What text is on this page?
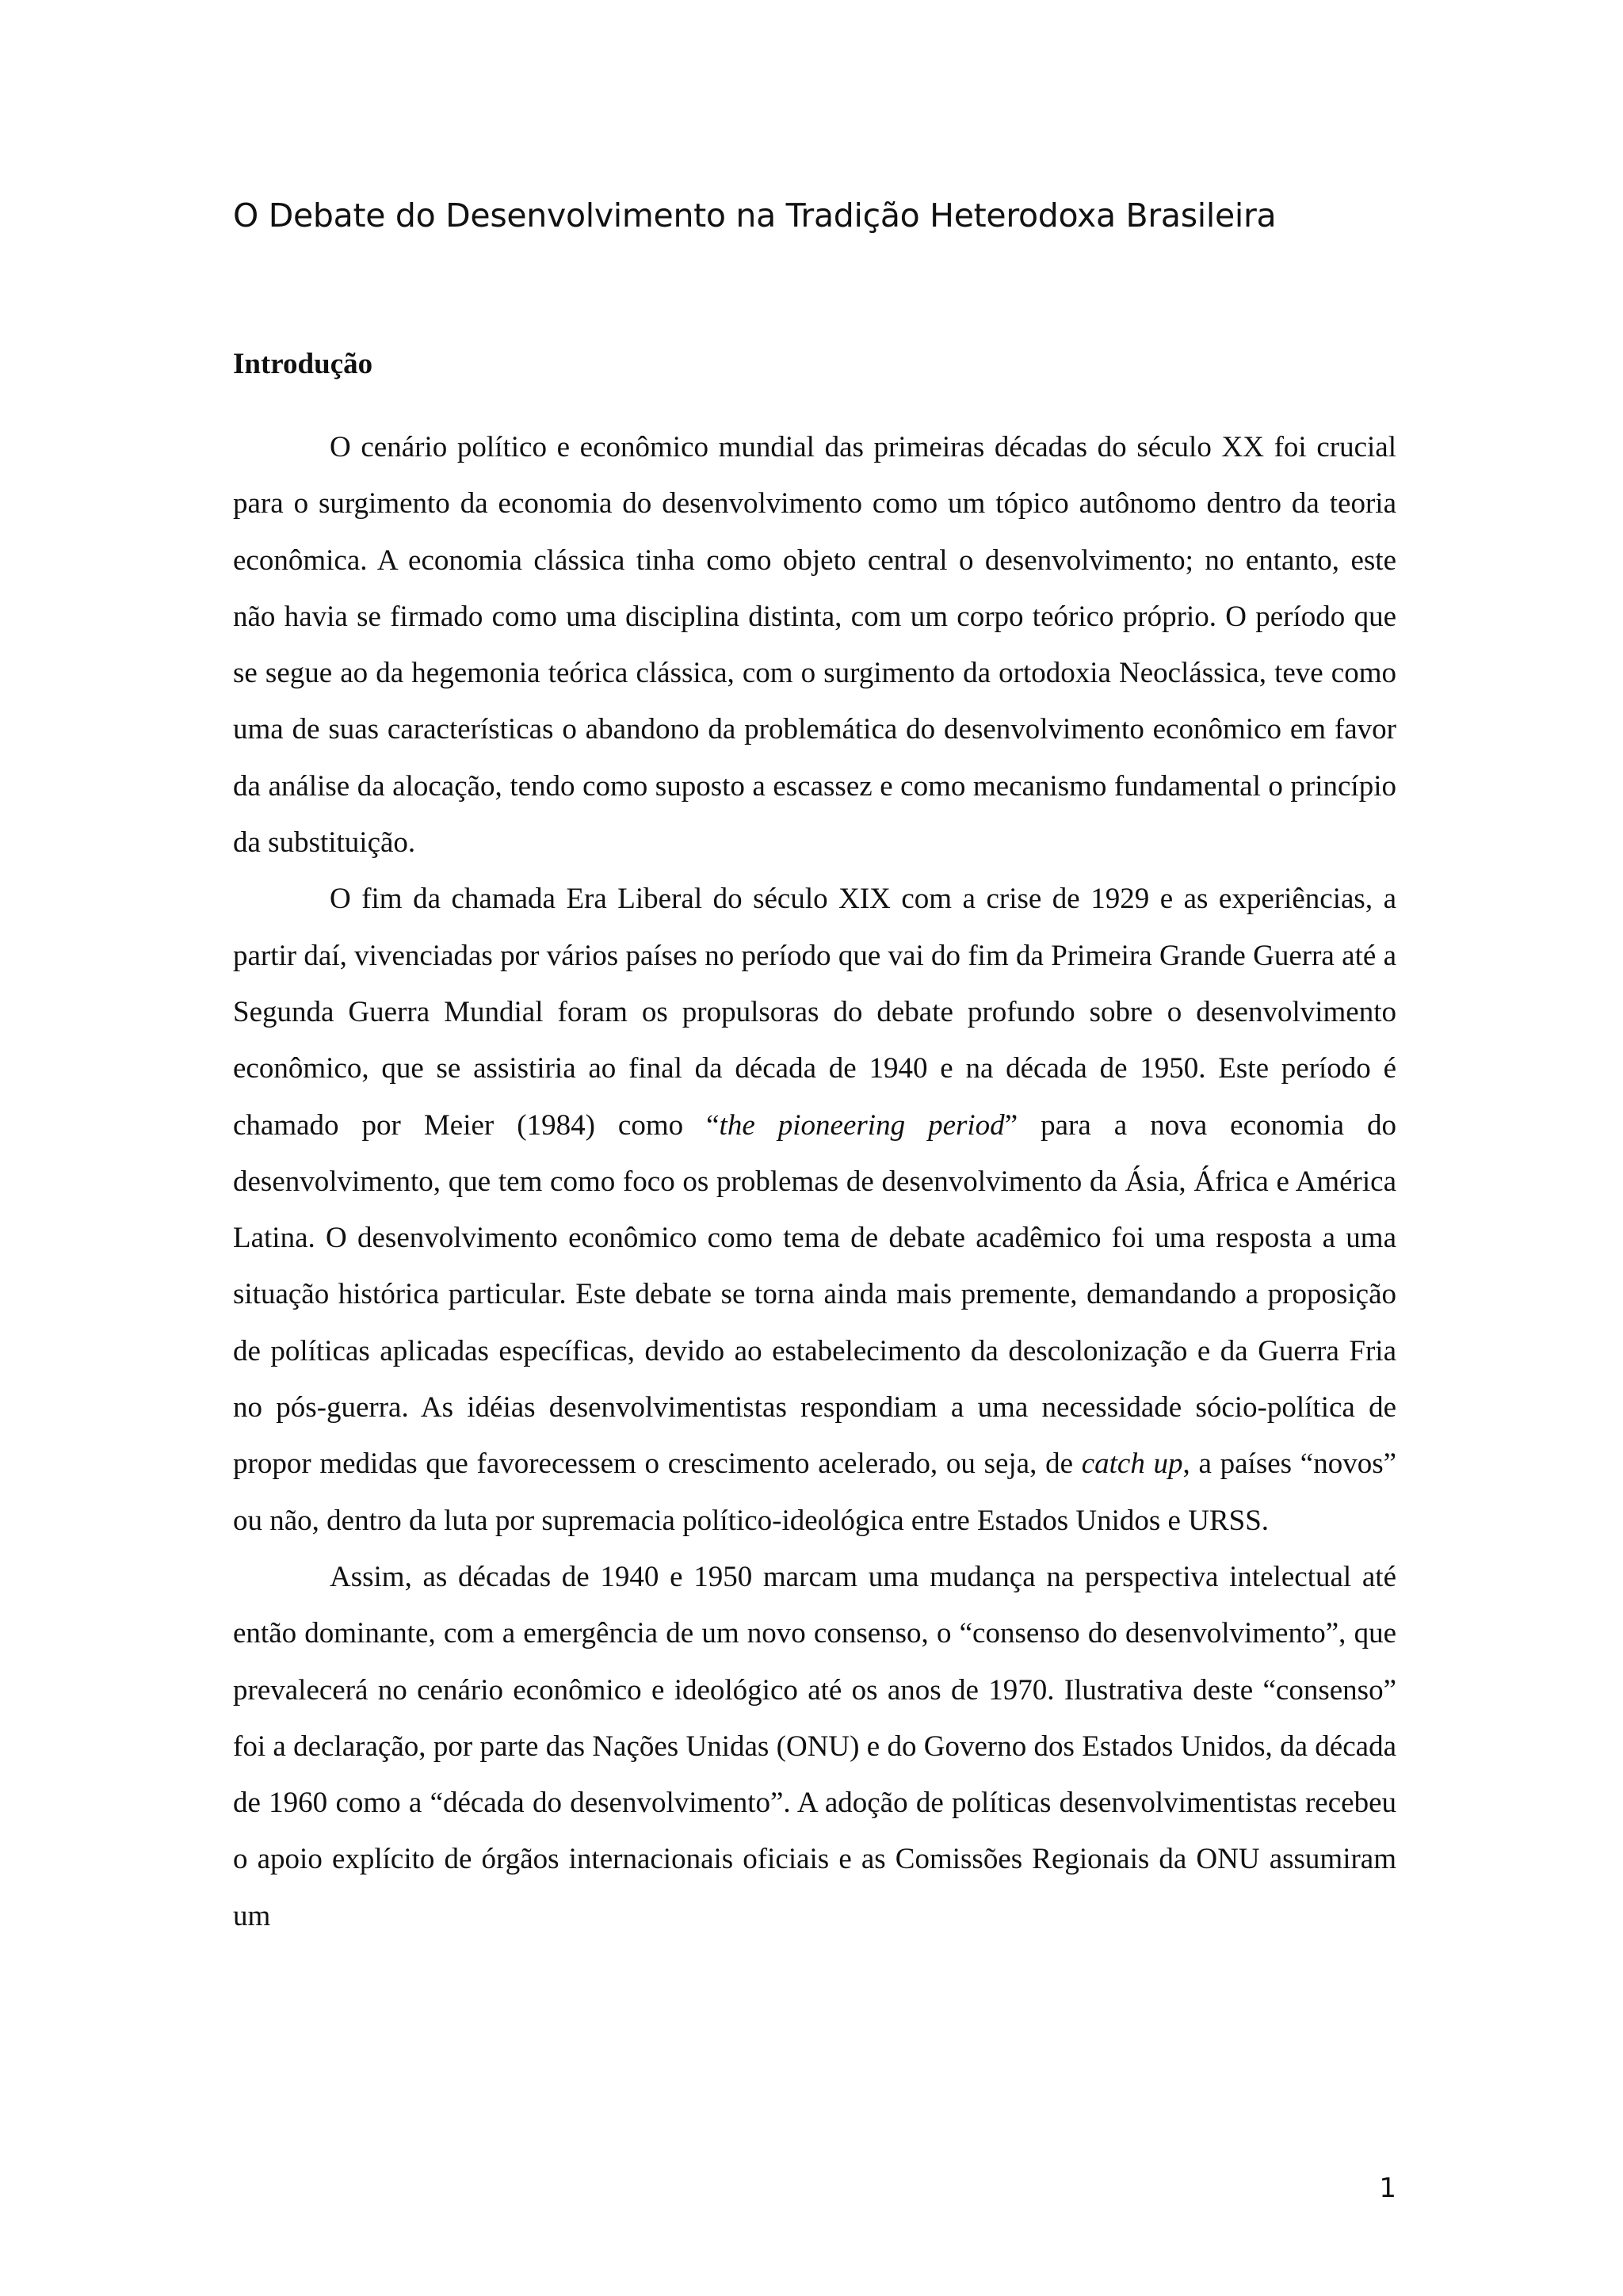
O Debate do Desenvolvimento na Tradição Heterodoxa Brasileira
Introdução

O cenário político e econômico mundial das primeiras décadas do século XX foi crucial para o surgimento da economia do desenvolvimento como um tópico autônomo dentro da teoria econômica. A economia clássica tinha como objeto central o desenvolvimento; no entanto, este não havia se firmado como uma disciplina distinta, com um corpo teórico próprio. O período que se segue ao da hegemonia teórica clássica, com o surgimento da ortodoxia Neoclássica, teve como uma de suas características o abandono da problemática do desenvolvimento econômico em favor da análise da alocação, tendo como suposto a escassez e como mecanismo fundamental o princípio da substituição.

O fim da chamada Era Liberal do século XIX com a crise de 1929 e as experiências, a partir daí, vivenciadas por vários países no período que vai do fim da Primeira Grande Guerra até a Segunda Guerra Mundial foram os propulsoras do debate profundo sobre o desenvolvimento econômico, que se assistiria ao final da década de 1940 e na década de 1950. Este período é chamado por Meier (1984) como “the pioneering period” para a nova economia do desenvolvimento, que tem como foco os problemas de desenvolvimento da Ásia, África e América Latina. O desenvolvimento econômico como tema de debate acadêmico foi uma resposta a uma situação histórica particular. Este debate se torna ainda mais premente, demandando a proposição de políticas aplicadas específicas, devido ao estabelecimento da descolonização e da Guerra Fria no pós-guerra. As idéias desenvolvimentistas respondiam a uma necessidade sócio-política de propor medidas que favorecessem o crescimento acelerado, ou seja, de catch up, a países “novos” ou não, dentro da luta por supremacia político-ideológica entre Estados Unidos e URSS.

Assim, as décadas de 1940 e 1950 marcam uma mudança na perspectiva intelectual até então dominante, com a emergência de um novo consenso, o “consenso do desenvolvimento”, que prevalecerá no cenário econômico e ideológico até os anos de 1970. Ilustrativa deste “consenso” foi a declaração, por parte das Nações Unidas (ONU) e do Governo dos Estados Unidos, da década de 1960 como a “década do desenvolvimento”. A adoção de políticas desenvolvimentistas recebeu o apoio explícito de órgãos internacionais oficiais e as Comissões Regionais da ONU assumiram um

1
